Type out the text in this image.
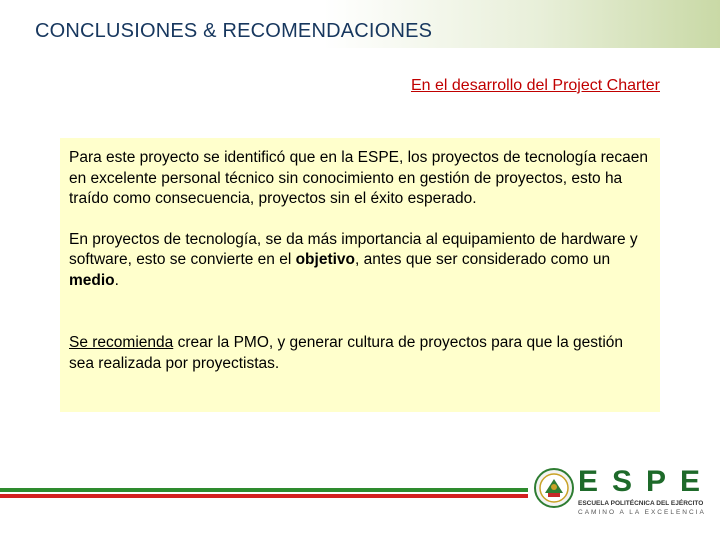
CONCLUSIONES & RECOMENDACIONES
En el desarrollo del Project Charter

Para este proyecto se identificó que en la ESPE, los proyectos de tecnología recaen en excelente personal técnico sin conocimiento en gestión de proyectos, esto ha traído como consecuencia, proyectos sin el éxito esperado.

En proyectos de tecnología, se da más importancia al equipamiento de hardware y software, esto se convierte en el objetivo, antes que ser considerado como un medio.

Se recomienda crear la PMO, y generar cultura de proyectos para que la gestión sea realizada por proyectistas.

ESPE
ESCUELA POLITÉCNICA DEL EJÉRCITO
CAMINO A LA EXCELENCIA
